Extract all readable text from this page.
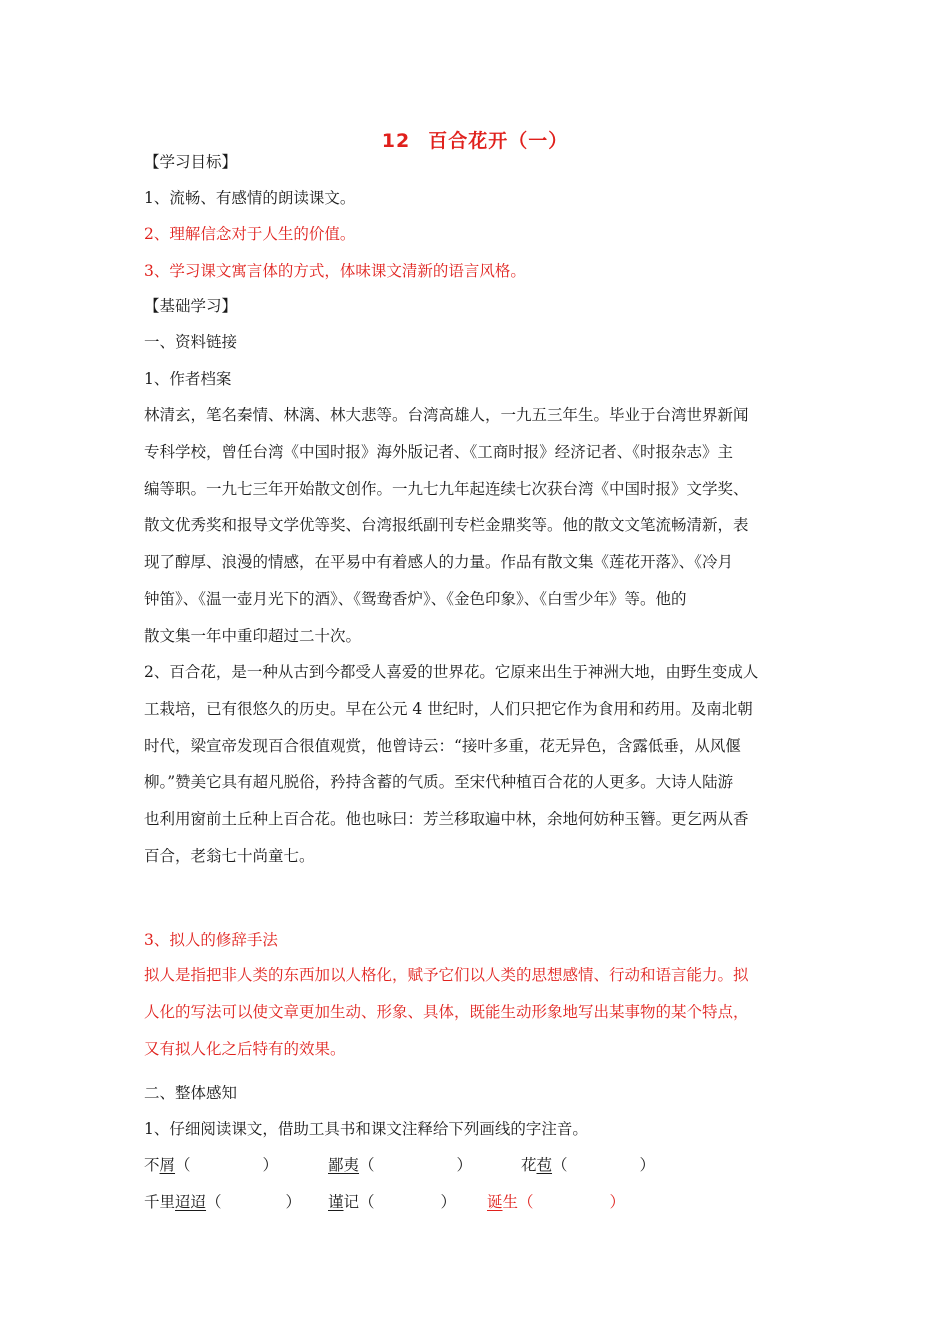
12 百合花开（一）
【学习目标】
1、流畅、有感情的朗读课文。
2、理解信念对于人生的价值。
3、学习课文寓言体的方式，体味课文清新的语言风格。
【基础学习】
一、资料链接
1、作者档案
林清玄，笔名秦情、林漓、林大悲等。台湾高雄人，一九五三年生。毕业于台湾世界新闻
专科学校，曾任台湾《中国时报》海外版记者、《工商时报》经济记者、《时报杂志》主
编等职。一九七三年开始散文创作。一九七九年起连续七次获台湾《中国时报》文学奖、
散文优秀奖和报导文学优等奖、台湾报纸副刊专栏金鼎奖等。他的散文文笔流畅清新，表
现了醇厚、浪漫的情感，在平易中有着感人的力量。作品有散文集《莲花开落》、《冷月
钟笛》、《温一壶月光下的酒》、《鸳鸯香炉》、《金色印象》、《白雪少年》等。他的
散文集一年中重印超过二十次。
2、百合花，是一种从古到今都受人喜爱的世界花。它原来出生于神洲大地，由野生变成人
工栽培，已有很悠久的历史。早在公元 4 世纪时，人们只把它作为食用和药用。及南北朝
时代，梁宣帝发现百合很值观赏，他曾诗云：“接叶多重，花无异色，含露低垂，从风偃
柳。”赞美它具有超凡脱俗，矜持含蓄的气质。至宋代种植百合花的人更多。大诗人陆游
也利用窗前土丘种上百合花。他也咏曰：芳兰移取遍中林，余地何妨种玉簪。更乞两从香
百合，老翁七十尚童七。
3、拟人的修辞手法
拟人是指把非人类的东西加以人格化，赋予它们以人类的思想感情、行动和语言能力。拟
人化的写法可以使文章更加生动、形象、具体，既能生动形象地写出某事物的某个特点，
又有拟人化之后特有的效果。
二、整体感知
1、仔细阅读课文，借助工具书和课文注释给下列画线的字注音。
不屑（	）	鄙夷（	）	花苞（	）
千里迢迢（	） 谨记（	） 诞生（	）
